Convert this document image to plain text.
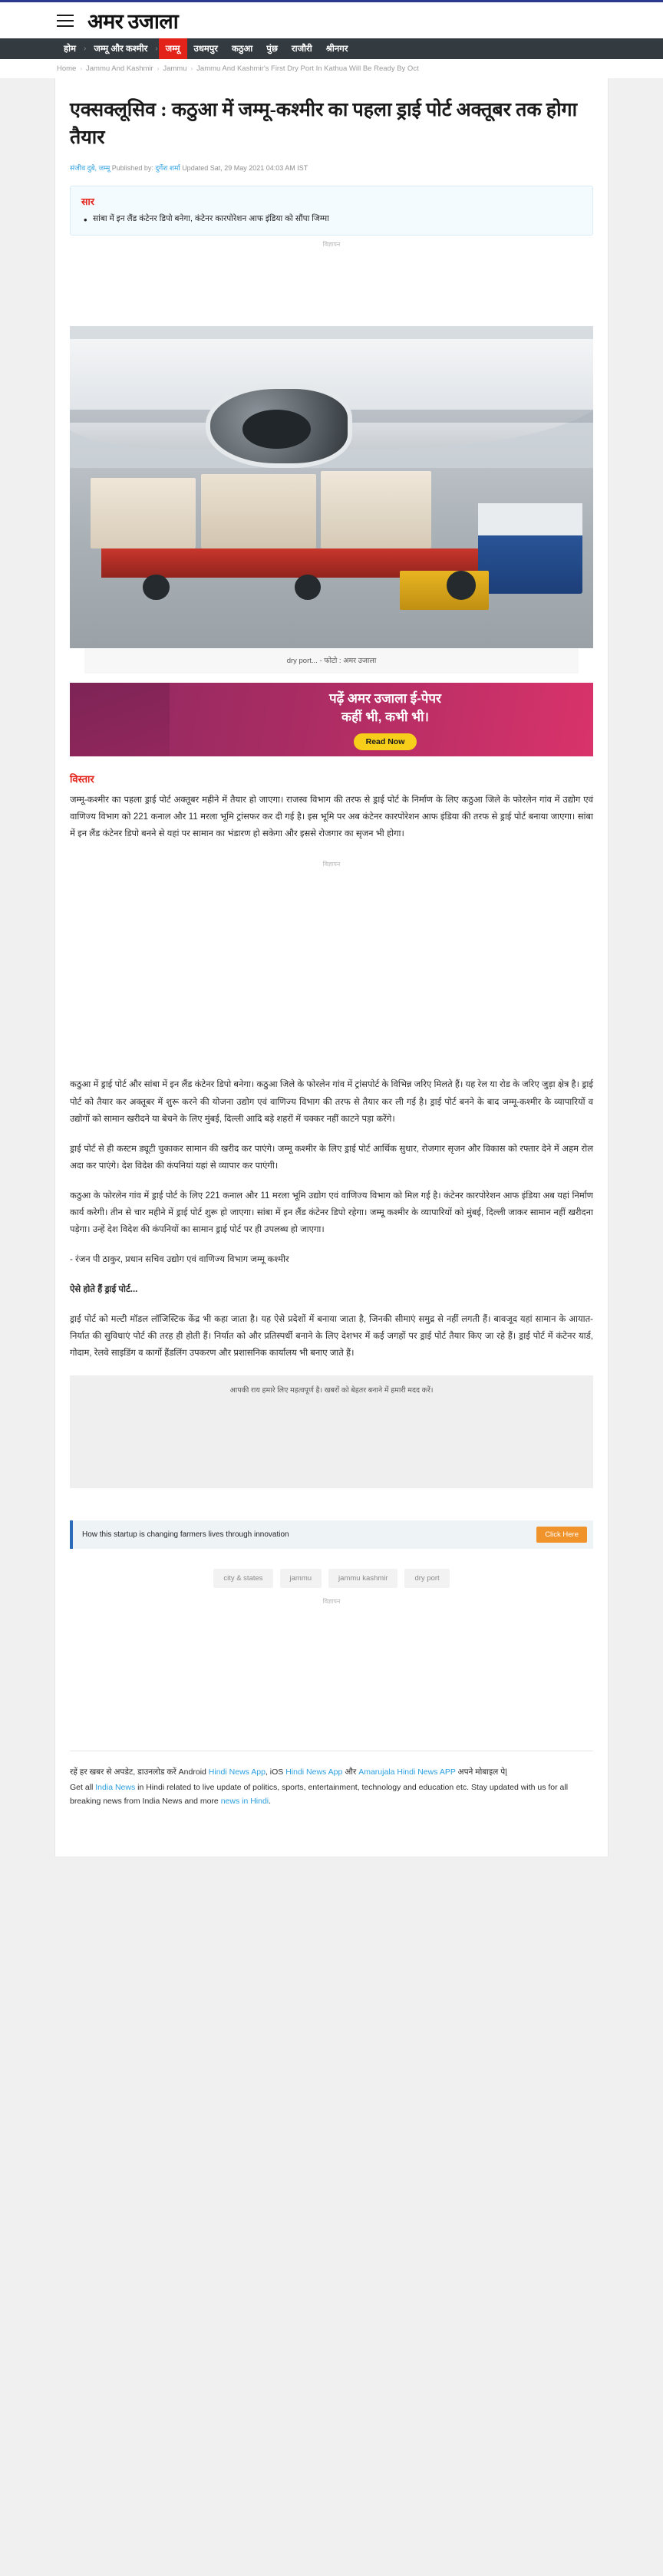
अमर उजाला
होम	› जम्मू और कश्मीर	› जम्मू	उधमपुर	कठुआ	पुंछ	राजौरी	श्रीनगर
Home › Jammu And Kashmir › Jammu › Jammu And Kashmir's First Dry Port In Kathua Will Be Ready By Oct
एक्सक्लूसिव : कठुआ में जम्मू-कश्मीर का पहला ड्राई पोर्ट अक्तूबर तक होगा तैयार
संजीव दुबे, जम्मू Published by: दुर्गेश शर्मा Updated Sat, 29 May 2021 04:03 AM IST
सार
• सांबा में इन लैंड कंटेनर डिपो बनेगा, कंटेनर कारपोरेशन आफ इंडिया को सौंपा जिम्मा
विज्ञापन
dry port... - फोटो : अमर उजाला
पढ़ें अमर उजाला ई-पेपर
कहीं भी, कभी भी।
Read Now
विस्तार

जम्मू-कश्मीर का पहला ड्राई पोर्ट अक्तूबर महीने में तैयार हो जाएगा। राजस्व विभाग की तरफ से ड्राई पोर्ट के निर्माण के लिए कठुआ जिले के फोरलेन गांव में उद्योग एवं वाणिज्य विभाग को 221 कनाल और 11 मरला भूमि ट्रांसफर कर दी गई है। इस भूमि पर अब कंटेनर कारपोरेशन आफ इंडिया की तरफ से ड्राई पोर्ट बनाया जाएगा। सांबा में इन लैंड कंटेनर डिपो बनने से यहां पर सामान का भंडारण हो सकेगा और इससे रोजगार का सृजन भी होगा।

विज्ञापन

कठुआ में ड्राई पोर्ट और सांबा में इन लैंड कंटेनर डिपो बनेगा। कठुआ जिले के फोरलेन गांव में ट्रांसपोर्ट के विभिन्न जरिए मिलते हैं। यह रेल या रोड के जरिए जुड़ा क्षेत्र है। ड्राई पोर्ट को तैयार कर अक्तूबर में शुरू करने की योजना उद्योग एवं वाणिज्य विभाग की तरफ से तैयार कर ली गई है। ड्राई पोर्ट बनने के बाद जम्मू-कश्मीर के व्यापारियों व उद्योगों को सामान खरीदने या बेचने के लिए मुंबई, दिल्ली आदि बड़े शहरों में चक्कर नहीं काटने पड़ा करेंगे।

ड्राई पोर्ट से ही कस्टम ड्यूटी चुकाकर सामान की खरीद कर पाएंगे। जम्मू कश्मीर के लिए ड्राई पोर्ट आर्थिक सुधार, रोजगार सृजन और विकास को रफ्तार देने में अहम रोल अदा कर पाएंगे। देश विदेश की कंपनियां यहां से व्यापार कर पाएंगी।

कठुआ के फोरलेन गांव में ड्राई पोर्ट के लिए 221 कनाल और 11 मरला भूमि उद्योग एवं वाणिज्य विभाग को मिल गई है। कंटेनर कारपोरेशन आफ इंडिया अब यहां निर्माण कार्य करेगी। तीन से चार महीने में ड्राई पोर्ट शुरू हो जाएगा। सांबा में इन लैंड कंटेनर डिपो रहेगा। जम्मू कश्मीर के व्यापारियों को मुंबई, दिल्ली जाकर सामान नहीं खरीदना पड़ेगा। उन्हें देश विदेश की कंपनियों का सामान ड्राई पोर्ट पर ही उपलब्ध हो जाएगा।

- रंजन पी ठाकुर, प्रधान सचिव उद्योग एवं वाणिज्य विभाग जम्मू कश्मीर

ऐसे होते हैं ड्राई पोर्ट...

ड्राई पोर्ट को मल्टी मॉडल लॉजिस्टिक केंद्र भी कहा जाता है। यह ऐसे प्रदेशों में बनाया जाता है, जिनकी सीमाएं समुद्र से नहीं लगती हैं। बावजूद यहां सामान के आयात-निर्यात की सुविधाएं पोर्ट की तरह ही होती हैं। निर्यात को और प्रतिस्पर्धी बनाने के लिए देशभर में कई जगहों पर ड्राई पोर्ट तैयार किए जा रहे हैं। ड्राई पोर्ट में कंटेनर यार्ड, गोदाम, रेलवे साइडिंग व कार्गो हैंडलिंग उपकरण और प्रशासनिक कार्यालय भी बनाए जाते हैं।

आपकी राय हमारे लिए महत्वपूर्ण है। खबरों को बेहतर बनाने में हमारी मदद करें।
How this startup is changing farmers lives through innovation	Click Here
city & states	jammu	jammu kashmir	dry port
विज्ञापन
रहें हर खबर से अपडेट, डाउनलोड करें Android Hindi News App, iOS Hindi News App और Amarujala Hindi News APP अपने मोबाइल पे|
Get all India News in Hindi related to live update of politics, sports, entertainment, technology and education etc. Stay updated with us for all breaking news from India News and more news in Hindi.
